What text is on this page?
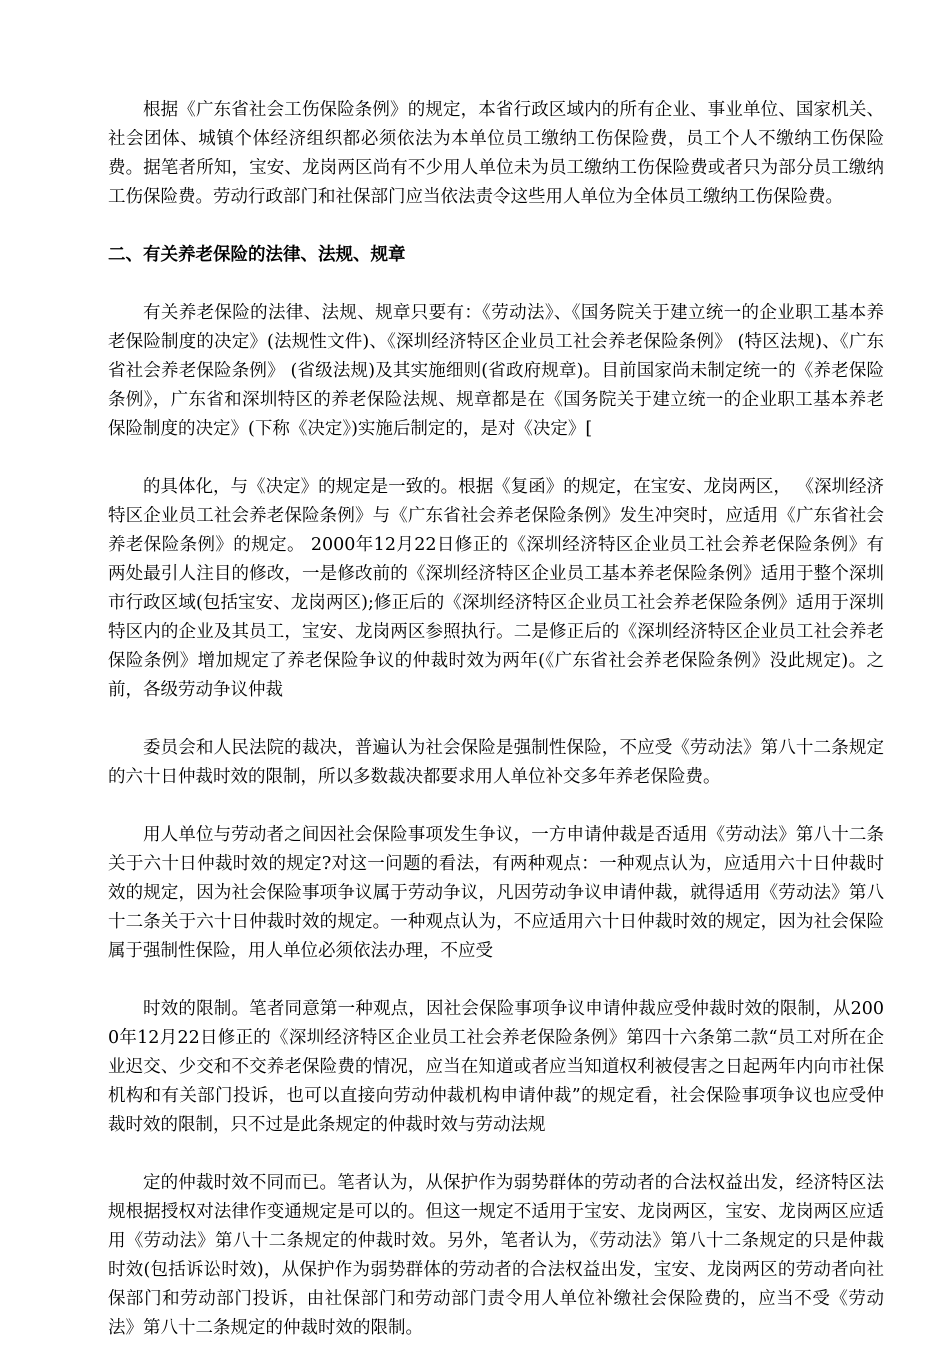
根据《广东省社会工伤保险条例》的规定，本省行政区域内的所有企业、事业单位、国家机关、社会团体、城镇个体经济组织都必须依法为本单位员工缴纳工伤保险费，员工个人不缴纳工伤保险费。据笔者所知，宝安、龙岗两区尚有不少用人单位未为员工缴纳工伤保险费或者只为部分员工缴纳工伤保险费。劳动行政部门和社保部门应当依法责令这些用人单位为全体员工缴纳工伤保险费。

二、有关养老保险的法律、法规、规章

有关养老保险的法律、法规、规章只要有：《劳动法》、《国务院关于建立统一的企业职工基本养老保险制度的决定》(法规性文件)、《深圳经济特区企业员工社会养老保险条例》 (特区法规)、《广东省社会养老保险条例》 (省级法规)及其实施细则(省政府规章)。目前国家尚未制定统一的《养老保险条例》，广东省和深圳特区的养老保险法规、规章都是在《国务院关于建立统一的企业职工基本养老保险制度的决定》(下称《决定》)实施后制定的，是对《决定》[

的具体化，与《决定》的规定是一致的。根据《复函》的规定，在宝安、龙岗两区， 《深圳经济特区企业员工社会养老保险条例》与《广东省社会养老保险条例》发生冲突时，应适用《广东省社会养老保险条例》的规定。 2000年12月22日修正的《深圳经济特区企业员工社会养老保险条例》有两处最引人注目的修改，一是修改前的《深圳经济特区企业员工基本养老保险条例》适用于整个深圳市行政区域(包括宝安、龙岗两区);修正后的《深圳经济特区企业员工社会养老保险条例》适用于深圳特区内的企业及其员工，宝安、龙岗两区参照执行。二是修正后的《深圳经济特区企业员工社会养老保险条例》增加规定了养老保险争议的仲裁时效为两年(《广东省社会养老保险条例》没此规定)。之前，各级劳动争议仲裁

委员会和人民法院的裁决，普遍认为社会保险是强制性保险，不应受《劳动法》第八十二条规定的六十日仲裁时效的限制，所以多数裁决都要求用人单位补交多年养老保险费。

用人单位与劳动者之间因社会保险事项发生争议，一方申请仲裁是否适用《劳动法》第八十二条关于六十日仲裁时效的规定?对这一问题的看法，有两种观点：一种观点认为，应适用六十日仲裁时效的规定，因为社会保险事项争议属于劳动争议，凡因劳动争议申请仲裁，就得适用《劳动法》第八十二条关于六十日仲裁时效的规定。一种观点认为，不应适用六十日仲裁时效的规定，因为社会保险属于强制性保险，用人单位必须依法办理，不应受

时效的限制。笔者同意第一种观点，因社会保险事项争议申请仲裁应受仲裁时效的限制，从2000年12月22日修正的《深圳经济特区企业员工社会养老保险条例》第四十六条第二款“员工对所在企业迟交、少交和不交养老保险费的情况，应当在知道或者应当知道权利被侵害之日起两年内向市社保机构和有关部门投诉，也可以直接向劳动仲裁机构申请仲裁”的规定看，社会保险事项争议也应受仲裁时效的限制，只不过是此条规定的仲裁时效与劳动法规

定的仲裁时效不同而已。笔者认为，从保护作为弱势群体的劳动者的合法权益出发，经济特区法规根据授权对法律作变通规定是可以的。但这一规定不适用于宝安、龙岗两区，宝安、龙岗两区应适用《劳动法》第八十二条规定的仲裁时效。另外，笔者认为，《劳动法》第八十二条规定的只是仲裁时效(包括诉讼时效)，从保护作为弱势群体的劳动者的合法权益出发，宝安、龙岗两区的劳动者向社保部门和劳动部门投诉，由社保部门和劳动部门责令用人单位补缴社会保险费的，应当不受《劳动法》第八十二条规定的仲裁时效的限制。
